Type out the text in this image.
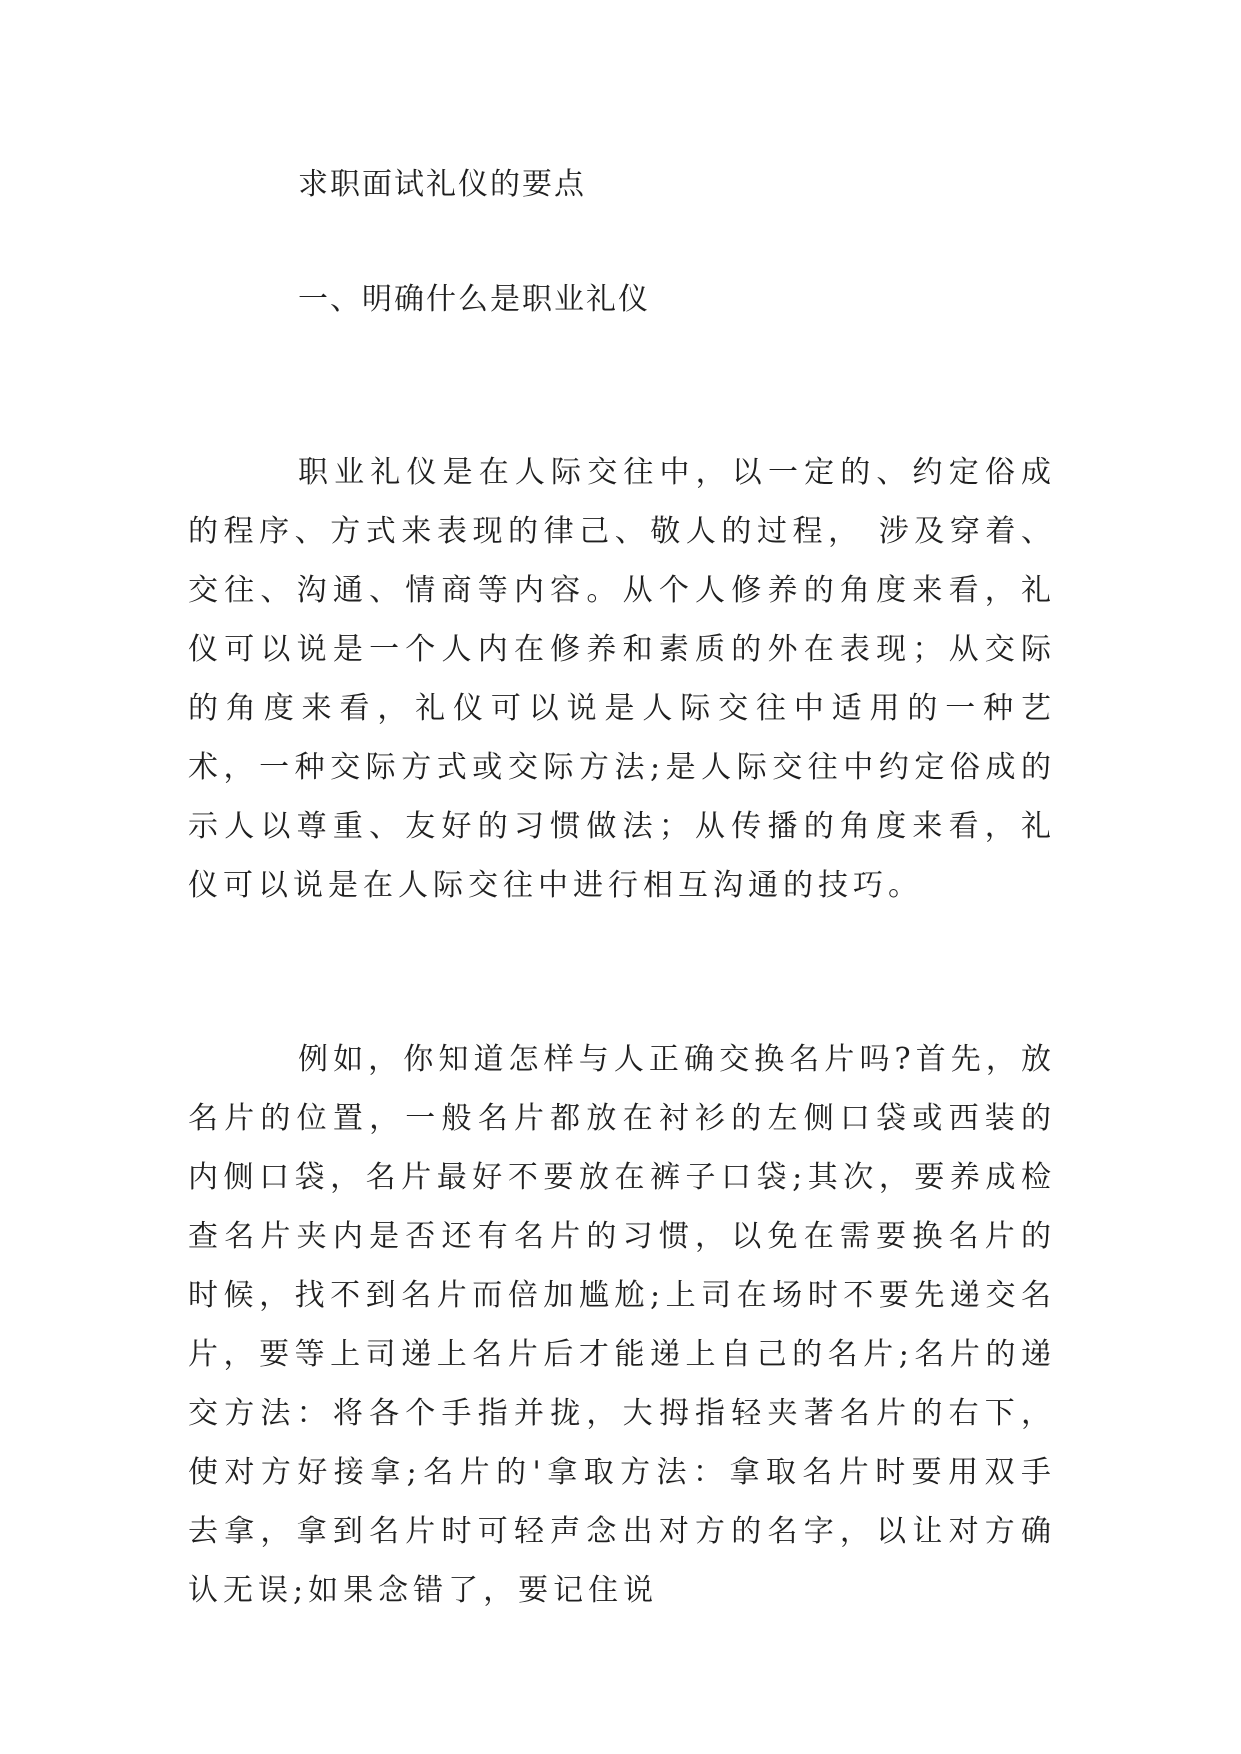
求职面试礼仪的要点
一、明确什么是职业礼仪

职业礼仪是在人际交往中，以一定的、约定俗成的程序、方式来表现的律己、敬人的过程， 涉及穿着、交往、沟通、情商等内容。从个人修养的角度来看，礼仪可以说是一个人内在修养和素质的外在表现；从交际的角度来看，礼仪可以说是人际交往中适用的一种艺术，一种交际方式或交际方法;是人际交往中约定俗成的示人以尊重、友好的习惯做法；从传播的角度来看，礼仪可以说是在人际交往中进行相互沟通的技巧。

例如，你知道怎样与人正确交换名片吗?首先，放名片的位置，一般名片都放在衬衫的左侧口袋或西装的内侧口袋，名片最好不要放在裤子口袋;其次，要养成检查名片夹内是否还有名片的习惯，以免在需要换名片的时候，找不到名片而倍加尴尬;上司在场时不要先递交名片，要等上司递上名片后才能递上自己的名片;名片的递交方法：将各个手指并拢，大拇指轻夹著名片的右下，使对方好接拿;名片的'拿取方法：拿取名片时要用双手去拿，拿到名片时可轻声念出对方的名字，以让对方确认无误;如果念错了，要记住说
